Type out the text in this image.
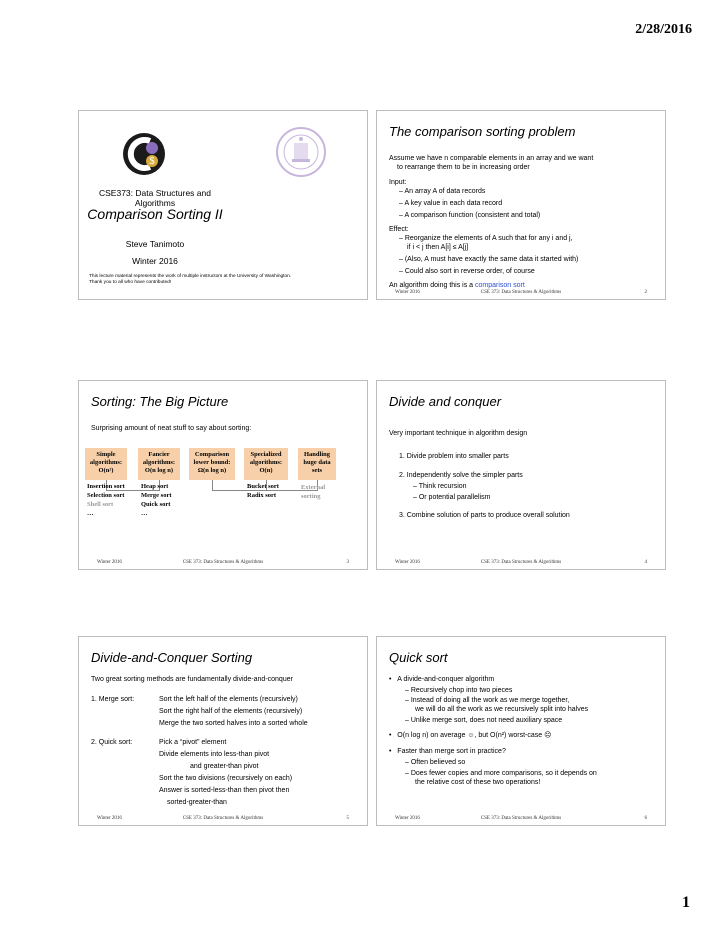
2/28/2016
$
CSE373: Data Structures and Algorithms
Comparison Sorting II
Steve Tanimoto
Winter 2016
This lecture material represents the work of multiple instructors at the University of Washington.
Thank you to all who have contributed!
The comparison sorting problem
Assume we have n comparable elements in an array and we want
to rearrange them to be in increasing order
Input:
– An array A of data records
– A key value in each data record
– A comparison function (consistent and total)
Effect:
– Reorganize the elements of A such that for any i and j,
if i < j then A[i] ≤ A[j]
– (Also, A must have exactly the same data it started with)
– Could also sort in reverse order, of course
An algorithm doing this is a comparison sort
Winter 2016	CSE 373: Data Structures & Algorithms	2
Sorting: The Big Picture
Surprising amount of neat stuff to say about sorting:
Simple
algorithms:
O(n²)
Fancier
algorithms:
O(n log n)
Comparison
lower bound:
Ω(n log n)
Specialized
algorithms:
O(n)
Handling
huge data
sets
Insertion sort
Selection sort
Shell sort
…
Heap sort
Merge sort
Quick sort
…
Bucket sort
Radix sort
External
sorting
Winter 2016	CSE 373: Data Structures & Algorithms	3
Divide and conquer
Very important technique in algorithm design
1. Divide problem into smaller parts
2. Independently solve the simpler parts
– Think recursion
– Or potential parallelism
3. Combine solution of parts to produce overall solution
Winter 2016	CSE 373: Data Structures & Algorithms	4
Divide-and-Conquer Sorting
Two great sorting methods are fundamentally divide-and-conquer
1. Merge sort:	Sort the left half of the elements (recursively)
Sort the right half of the elements (recursively)
Merge the two sorted halves into a sorted whole
2. Quick sort:	Pick a “pivot” element
Divide elements into less-than pivot
and greater-than pivot
Sort the two divisions (recursively on each)
Answer is sorted-less-than then pivot then
sorted-greater-than
Winter 2016	CSE 373: Data Structures & Algorithms	5
Quick sort
•   A divide-and-conquer algorithm
– Recursively chop into two pieces
– Instead of doing all the work as we merge together,
we will do all the work as we recursively split into halves
– Unlike merge sort, does not need auxiliary space
•   O(n log n) on average ☺, but O(n²) worst-case ☹
•   Faster than merge sort in practice?
– Often believed so
– Does fewer copies and more comparisons, so it depends on
the relative cost of these two operations!
Winter 2016	CSE 373: Data Structures & Algorithms	6
1
